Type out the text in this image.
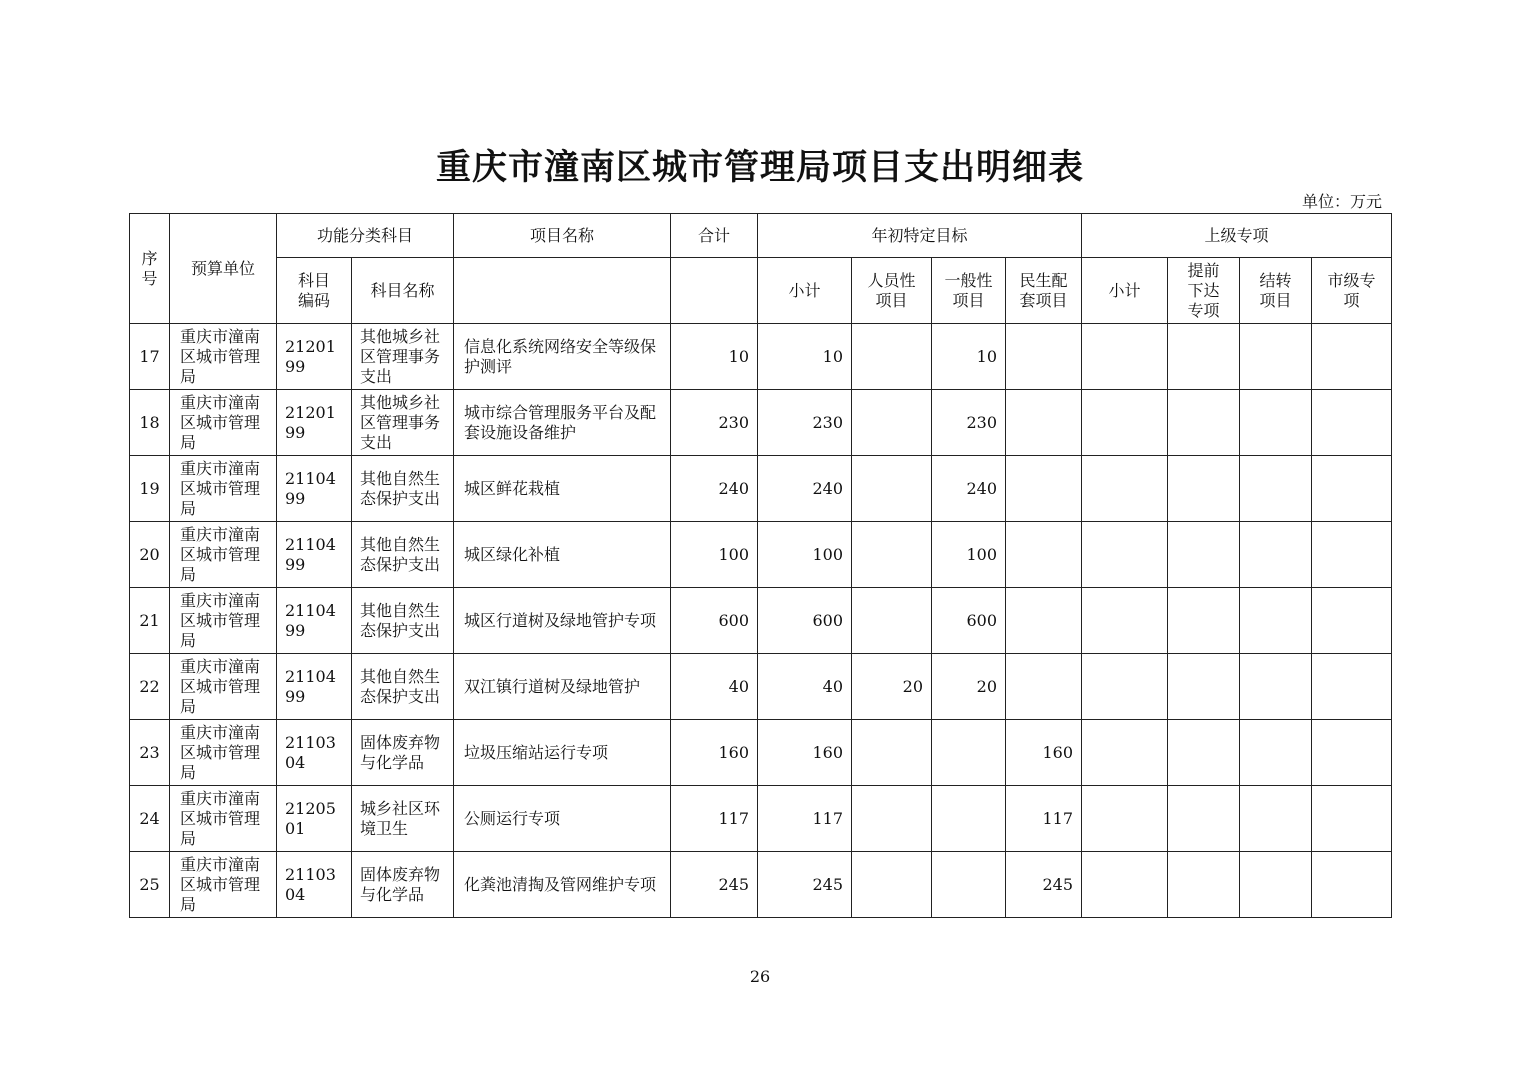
重庆市潼南区城市管理局项目支出明细表
单位：万元
序号	预算单位	功能分类科目		项目名称	合计	年初特定目标				上级专项			
		科目编码	科目名称			小计	人员性项目	一般性项目	民生配套项目	小计	提前下达专项	结转项目	市级专项
17	重庆市潼南区城市管理局	2120199	其他城乡社区管理事务支出	信息化系统网络安全等级保护测评	10	10		10					
18	重庆市潼南区城市管理局	2120199	其他城乡社区管理事务支出	城市综合管理服务平台及配套设施设备维护	230	230		230					
19	重庆市潼南区城市管理局	2110499	其他自然生态保护支出	城区鲜花栽植	240	240		240					
20	重庆市潼南区城市管理局	2110499	其他自然生态保护支出	城区绿化补植	100	100		100					
21	重庆市潼南区城市管理局	2110499	其他自然生态保护支出	城区行道树及绿地管护专项	600	600		600					
22	重庆市潼南区城市管理局	2110499	其他自然生态保护支出	双江镇行道树及绿地管护	40	40	20	20					
23	重庆市潼南区城市管理局	2110304	固体废弃物与化学品	垃圾压缩站运行专项	160	160			160				
24	重庆市潼南区城市管理局	2120501	城乡社区环境卫生	公厕运行专项	117	117			117				
25	重庆市潼南区城市管理局	2110304	固体废弃物与化学品	化粪池清掏及管网维护专项	245	245			245				
26
